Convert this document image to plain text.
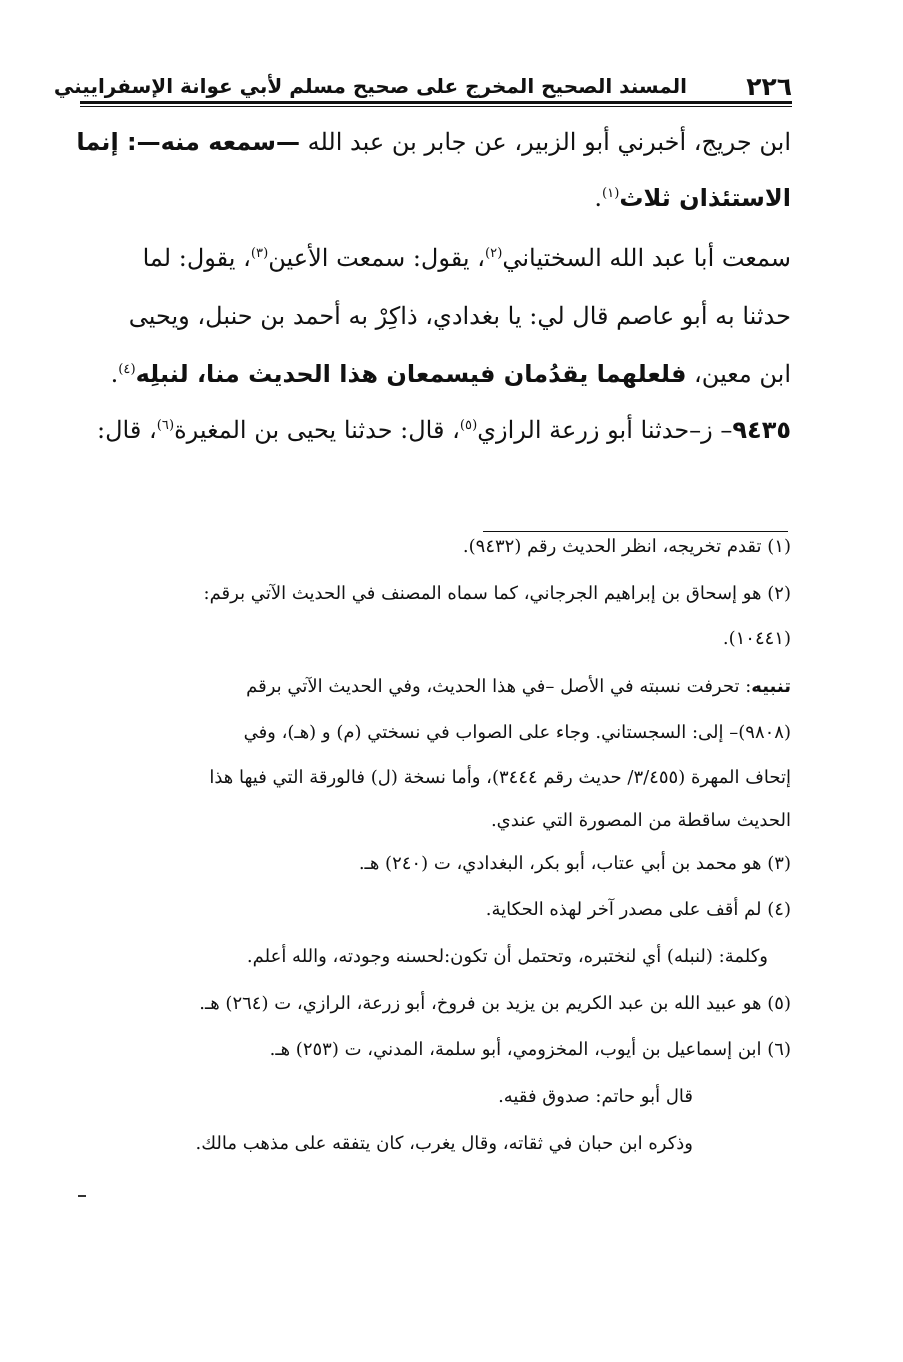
٢٢٦
المسند الصحيح المخرج على صحيح مسلم لأبي عوانة الإسفراييني
ابن جريج، أخبرني أبو الزبير، عن جابر بن عبد الله —سمعه منه—: إنما
الاستئذان ثلاث$^{(١)}$.
سمعت أبا عبد الله السختياني$^{(٢)}$، يقول: سمعت الأعين$^{(٣)}$، يقول: لما
حدثنا به أبو عاصم قال لي: يا بغدادي، ذاكِرْ به أحمد بن حنبل، ويحيى
ابن معين، فلعلهما يقدُمان فيسمعان هذا الحديث منا، لنبلِه$^{(٤)}$.
٩٤٣٥– ز–حدثنا أبو زرعة الرازي$^{(٥)}$، قال: حدثنا يحيى بن المغيرة$^{(٦)}$، قال:
(١) تقدم تخريجه، انظر الحديث رقم (٩٤٣٢).
(٢) هو إسحاق بن إبراهيم الجرجاني، كما سماه المصنف في الحديث الآتي برقم:
(١٠٤٤١).
تنبيه: تحرفت نسبته في الأصل –في هذا الحديث، وفي الحديث الآتي برقم
(٩٨٠٨)– إلى: السجستاني. وجاء على الصواب في نسختي (م) و (هـ)، وفي
إتحاف المهرة (٣/٤٥٥/ حديث رقم ٣٤٤٤)، وأما نسخة (ل) فالورقة التي فيها هذا
الحديث ساقطة من المصورة التي عندي.
(٣) هو محمد بن أبي عتاب، أبو بكر، البغدادي، ت (٢٤٠) هـ.
(٤) لم أقف على مصدر آخر لهذه الحكاية.
وكلمة: (لنبله) أي لنختبره، وتحتمل أن تكون:لحسنه وجودته، والله أعلم.
(٥) هو عبيد الله بن عبد الكريم بن يزيد بن فروخ، أبو زرعة، الرازي، ت (٢٦٤) هـ.
(٦) ابن إسماعيل بن أيوب، المخزومي، أبو سلمة، المدني، ت (٢٥٣) هـ.
قال أبو حاتم: صدوق فقيه.
وذكره ابن حبان في ثقاته، وقال يغرب، كان يتفقه على مذهب مالك.
